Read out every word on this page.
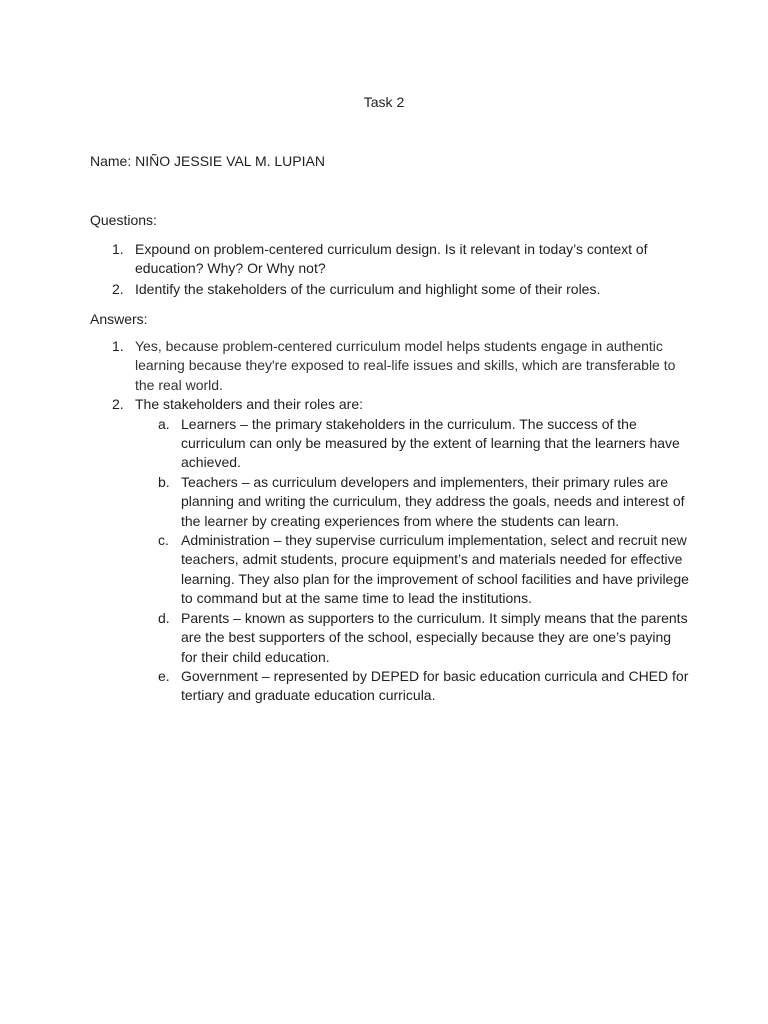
Task 2
Name: NIÑO JESSIE VAL M. LUPIAN
Questions:
1. Expound on problem-centered curriculum design. Is it relevant in today’s context of education? Why? Or Why not?
2. Identify the stakeholders of the curriculum and highlight some of their roles.
Answers:
1. Yes, because problem-centered curriculum model helps students engage in authentic learning because they're exposed to real-life issues and skills, which are transferable to the real world.
2. The stakeholders and their roles are:
a. Learners – the primary stakeholders in the curriculum. The success of the curriculum can only be measured by the extent of learning that the learners have achieved.
b. Teachers – as curriculum developers and implementers, their primary rules are planning and writing the curriculum, they address the goals, needs and interest of the learner by creating experiences from where the students can learn.
c. Administration – they supervise curriculum implementation, select and recruit new teachers, admit students, procure equipment’s and materials needed for effective learning. They also plan for the improvement of school facilities and have privilege to command but at the same time to lead the institutions.
d. Parents – known as supporters to the curriculum. It simply means that the parents are the best supporters of the school, especially because they are one’s paying for their child education.
e. Government – represented by DEPED for basic education curricula and CHED for tertiary and graduate education curricula.
